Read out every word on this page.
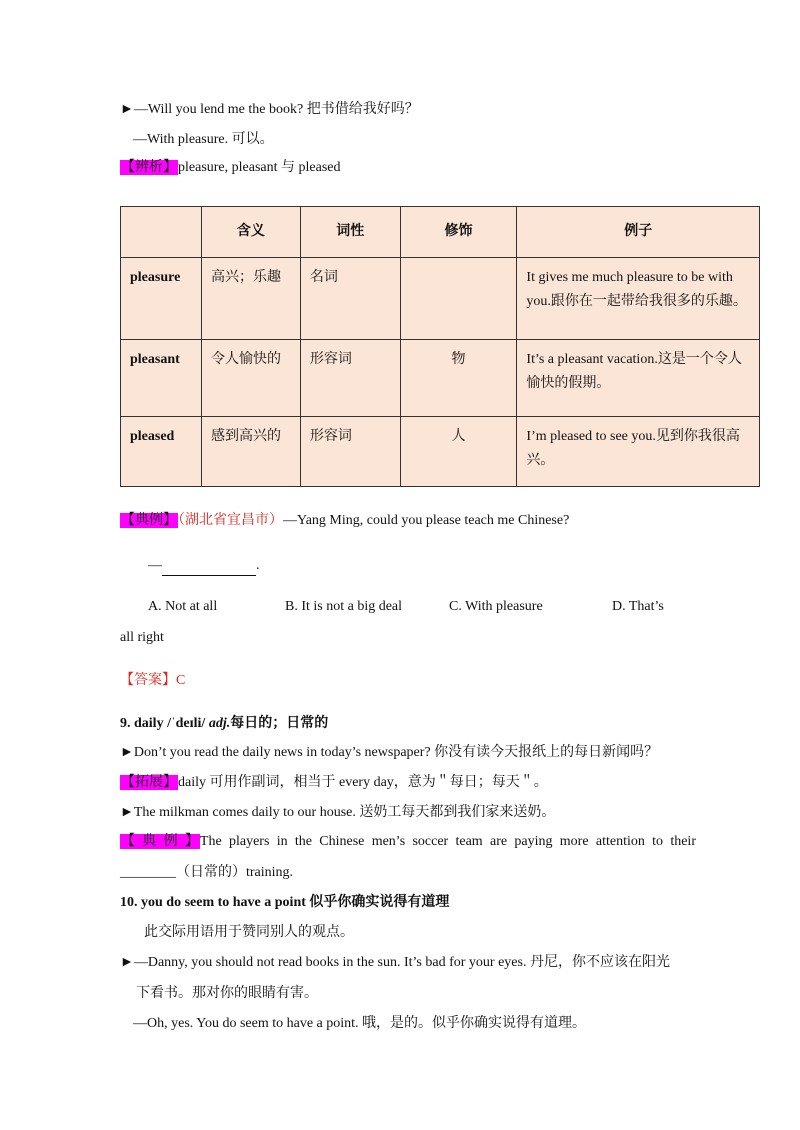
►—Will you lend me the book? 把书借给我好吗？
—With pleasure. 可以。
【辨析】pleasure, pleasant 与 pleased
	含义	词性	修饰	例子
pleasure	高兴；乐趣	名词		It gives me much pleasure to be with you.跟你在一起带给我很多的乐趣。
pleasant	令人愉快的	形容词	物	It’s a pleasant vacation.这是一个令人愉快的假期。
pleased	感到高兴的	形容词	人	I’m pleased to see you.见到你我很高兴。
【典例】（湖北省宜昌市）—Yang Ming, could you please teach me Chinese?
—	.
A. Not at all	B. It is not a big deal	C. With pleasure	D. That’s
all right
【答案】C
9. daily /ˈdeɪli/ adj.每日的；日常的
►Don’t you read the daily news in today’s newspaper? 你没有读今天报纸上的每日新闻吗？
【拓展】daily 可用作副词，相当于 every day，意为＂每日；每天＂。
►The milkman comes daily to our house. 送奶工每天都到我们家来送奶。
【 典 例 】The players in the Chinese men’s soccer team are paying more attention to their
________（日常的）training.
10. you do seem to have a point 似乎你确实说得有道理
此交际用语用于赞同别人的观点。
►—Danny, you should not read books in the sun. It’s bad for your eyes. 丹尼，你不应该在阳光
下看书。那对你的眼睛有害。
—Oh, yes. You do seem to have a point. 哦，是的。似乎你确实说得有道理。
